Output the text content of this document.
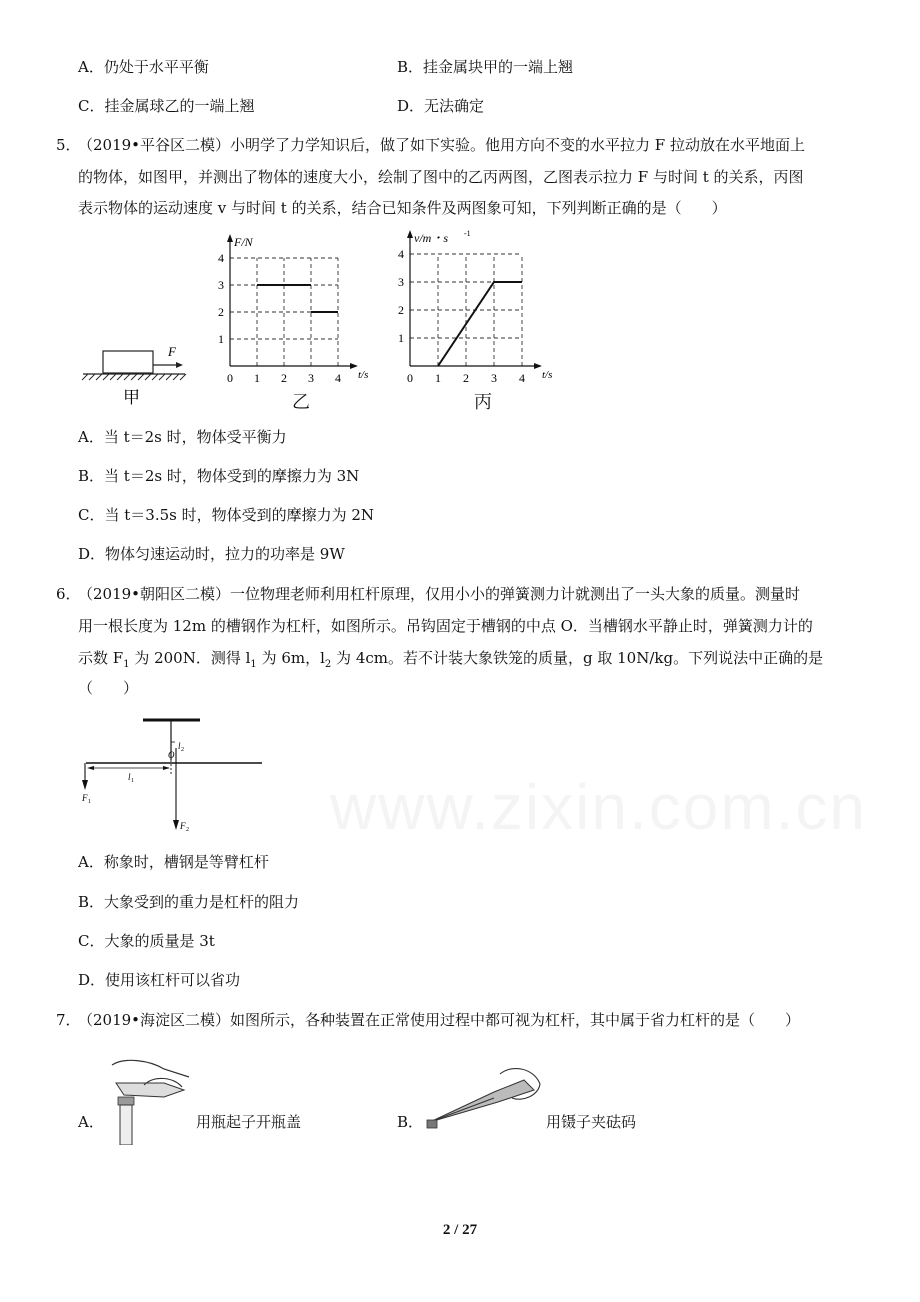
A．仍处于水平平衡	B．挂金属块甲的一端上翘
C．挂金属球乙的一端上翘	D．无法确定
5．
（2019•平谷区二模）小明学了力学知识后，做了如下实验。他用方向不变的水平拉力 F 拉动放在水平地面上
的物体，如图甲，并测出了物体的速度大小，绘制了图中的乙丙两图，乙图表示拉力 F 与时间 t 的关系，丙图
表示物体的运动速度 v 与时间 t 的关系，结合已知条件及两图象可知，下列判断正确的是（　　）
F
甲
0 1 2 3 4
1
2
3
4
t/s
F/N
乙
0 1 2 3 4
1
2
3
4
t/s
v/m・s -1
丙
A．当 t＝2s 时，物体受平衡力
B．当 t＝2s 时，物体受到的摩擦力为 3N
C．当 t＝3.5s 时，物体受到的摩擦力为 2N
D．物体匀速运动时，拉力的功率是 9W
6．
（2019•朝阳区二模）一位物理老师利用杠杆原理，仅用小小的弹簧测力计就测出了一头大象的质量。测量时
用一根长度为 12m 的槽钢作为杠杆，如图所示。吊钩固定于槽钢的中点 O．当槽钢水平静止时，弹簧测力计的
示数 $F_1$ 为 200N．测得 $l_1$ 为 6m，$l_2$ 为 4cm。若不计装大象铁笼的质量，g 取 10N/kg。下列说法中正确的是
（　　）
O
l 2
l 1
F 1
F 2
A．称象时，槽钢是等臂杠杆
B．大象受到的重力是杠杆的阻力
C．大象的质量是 3t
D．使用该杠杆可以省功
7．
（2019•海淀区二模）如图所示，各种装置在正常使用过程中都可视为杠杆，其中属于省力杠杆的是（　　）
A．	用瓶起子开瓶盖	B．	用镊子夹砝码
2 / 27
